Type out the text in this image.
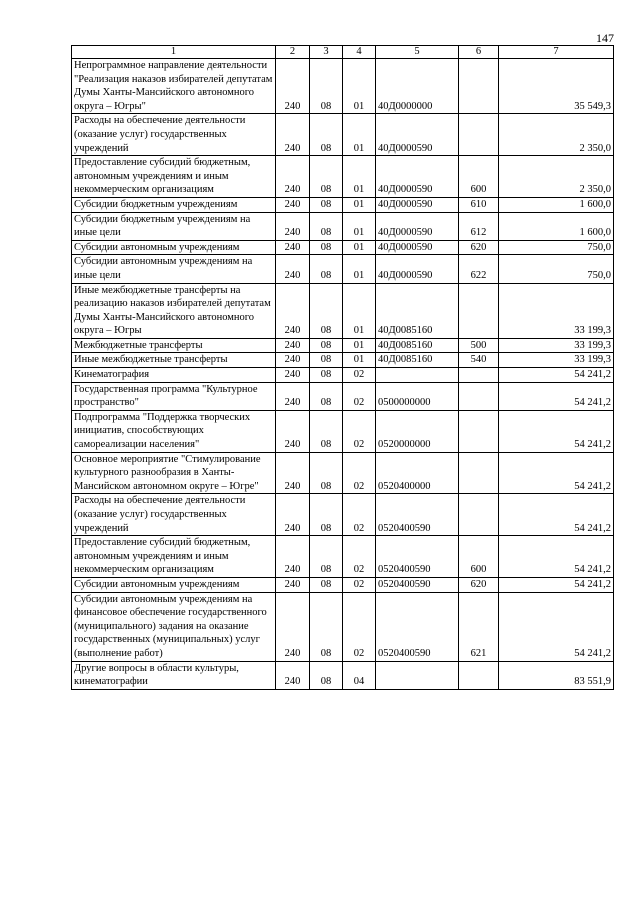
147
1	2	3	4	5	6	7
Непрограммное направление деятельности "Реализация наказов избирателей депутатам Думы Ханты-Мансийского автономного округа – Югры"	240	08	01	40Д0000000		35 549,3
Расходы на обеспечение деятельности (оказание услуг) государственных учреждений	240	08	01	40Д0000590		2 350,0
Предоставление субсидий бюджетным, автономным учреждениям и иным некоммерческим организациям	240	08	01	40Д0000590	600	2 350,0
Субсидии бюджетным учреждениям	240	08	01	40Д0000590	610	1 600,0
Субсидии бюджетным учреждениям на иные цели	240	08	01	40Д0000590	612	1 600,0
Субсидии автономным учреждениям	240	08	01	40Д0000590	620	750,0
Субсидии автономным учреждениям на иные цели	240	08	01	40Д0000590	622	750,0
Иные межбюджетные трансферты на реализацию наказов избирателей депутатам Думы Ханты-Мансийского автономного округа – Югры	240	08	01	40Д0085160		33 199,3
Межбюджетные трансферты	240	08	01	40Д0085160	500	33 199,3
Иные межбюджетные трансферты	240	08	01	40Д0085160	540	33 199,3
Кинематография	240	08	02			54 241,2
Государственная программа "Культурное пространство"	240	08	02	0500000000		54 241,2
Подпрограмма "Поддержка творческих инициатив, способствующих самореализации населения"	240	08	02	0520000000		54 241,2
Основное мероприятие "Стимулирование культурного разнообразия в Ханты-Мансийском автономном округе – Югре"	240	08	02	0520400000		54 241,2
Расходы на обеспечение деятельности (оказание услуг) государственных учреждений	240	08	02	0520400590		54 241,2
Предоставление субсидий бюджетным, автономным учреждениям и иным некоммерческим организациям	240	08	02	0520400590	600	54 241,2
Субсидии автономным учреждениям	240	08	02	0520400590	620	54 241,2
Субсидии автономным учреждениям на финансовое обеспечение государственного (муниципального) задания на оказание государственных (муниципальных) услуг (выполнение работ)	240	08	02	0520400590	621	54 241,2
Другие вопросы в области культуры, кинематографии	240	08	04			83 551,9
